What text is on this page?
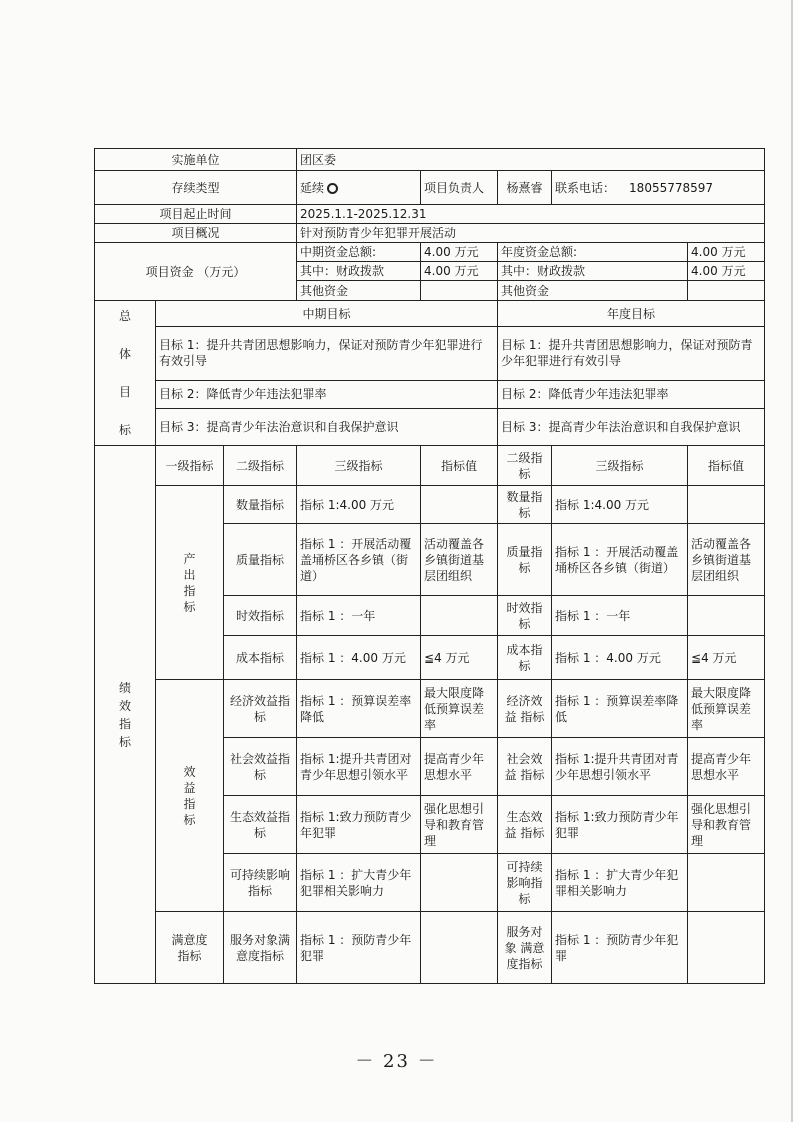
实施单位			团区委				
存续类型			延续	项目负责人	杨熹睿	联系电话： 18055778597	
项目起止时间			2025.1.1-2025.12.31				
项目概况			针对预防青少年犯罪开展活动				
项目资金 （万元）			中期资金总额:	4.00 万元	年度资金总额:		4.00 万元
			其中：财政拨款	4.00 万元	其中：财政拨款		4.00 万元
			其他资金		其他资金		

总
体
目
标	中期目标				年度目标		
	目标 1：提升共青团思想影响力，保证对预防青少年犯罪进行有效引导				目标 1：提升共青团思想影响力，保证对预防青少年犯罪进行有效引导		
	目标 2：降低青少年违法犯罪率				目标 2：降低青少年违法犯罪率		
	目标 3：提高青少年法治意识和自我保护意识				目标 3：提高青少年法治意识和自我保护意识		

绩效指标	一级指标	二级指标	三级指标	指标值	二级指标	三级指标	指标值

	产出指标	数量指标	指标 1:4.00 万元		数量指标	指标 1:4.00 万元	
		质量指标	指标 1 ：开展活动覆盖埇桥区各乡镇（街道）	活动覆盖各乡镇街道基层团组织	质量指标	指标 1 ：开展活动覆盖埇桥区各乡镇（街道）	活动覆盖各乡镇街道基层团组织
		时效指标	指标 1 ：一年		时效指标	指标 1 ：一年	
		成本指标	指标 1 ：4.00 万元	≦4 万元	成本指标	指标 1 ：4.00 万元	≦4 万元

	效益指标	经济效益指标	指标 1 ：预算误差率降低	最大限度降低预算误差率	经济效益 指标	指标 1 ：预算误差率降低	最大限度降低预算误差率
		社会效益指标	指标 1:提升共青团对青少年思想引领水平	提高青少年思想水平	社会效益 指标	指标 1:提升共青团对青少年思想引领水平	提高青少年思想水平
		生态效益指标	指标 1:致力预防青少年犯罪	强化思想引导和教育管理	生态效益 指标	指标 1:致力预防青少年犯罪	强化思想引导和教育管理
		可持续影响 指标	指标 1 ：扩大青少年犯罪相关影响力		可持续影响指标	指标 1 ：扩大青少年犯罪相关影响力	

	满意度指标	服务对象满意度指标	指标 1 ：预防青少年犯罪		服务对象 满意度指标	指标 1 ：预防青少年犯罪	
－ 23 －
